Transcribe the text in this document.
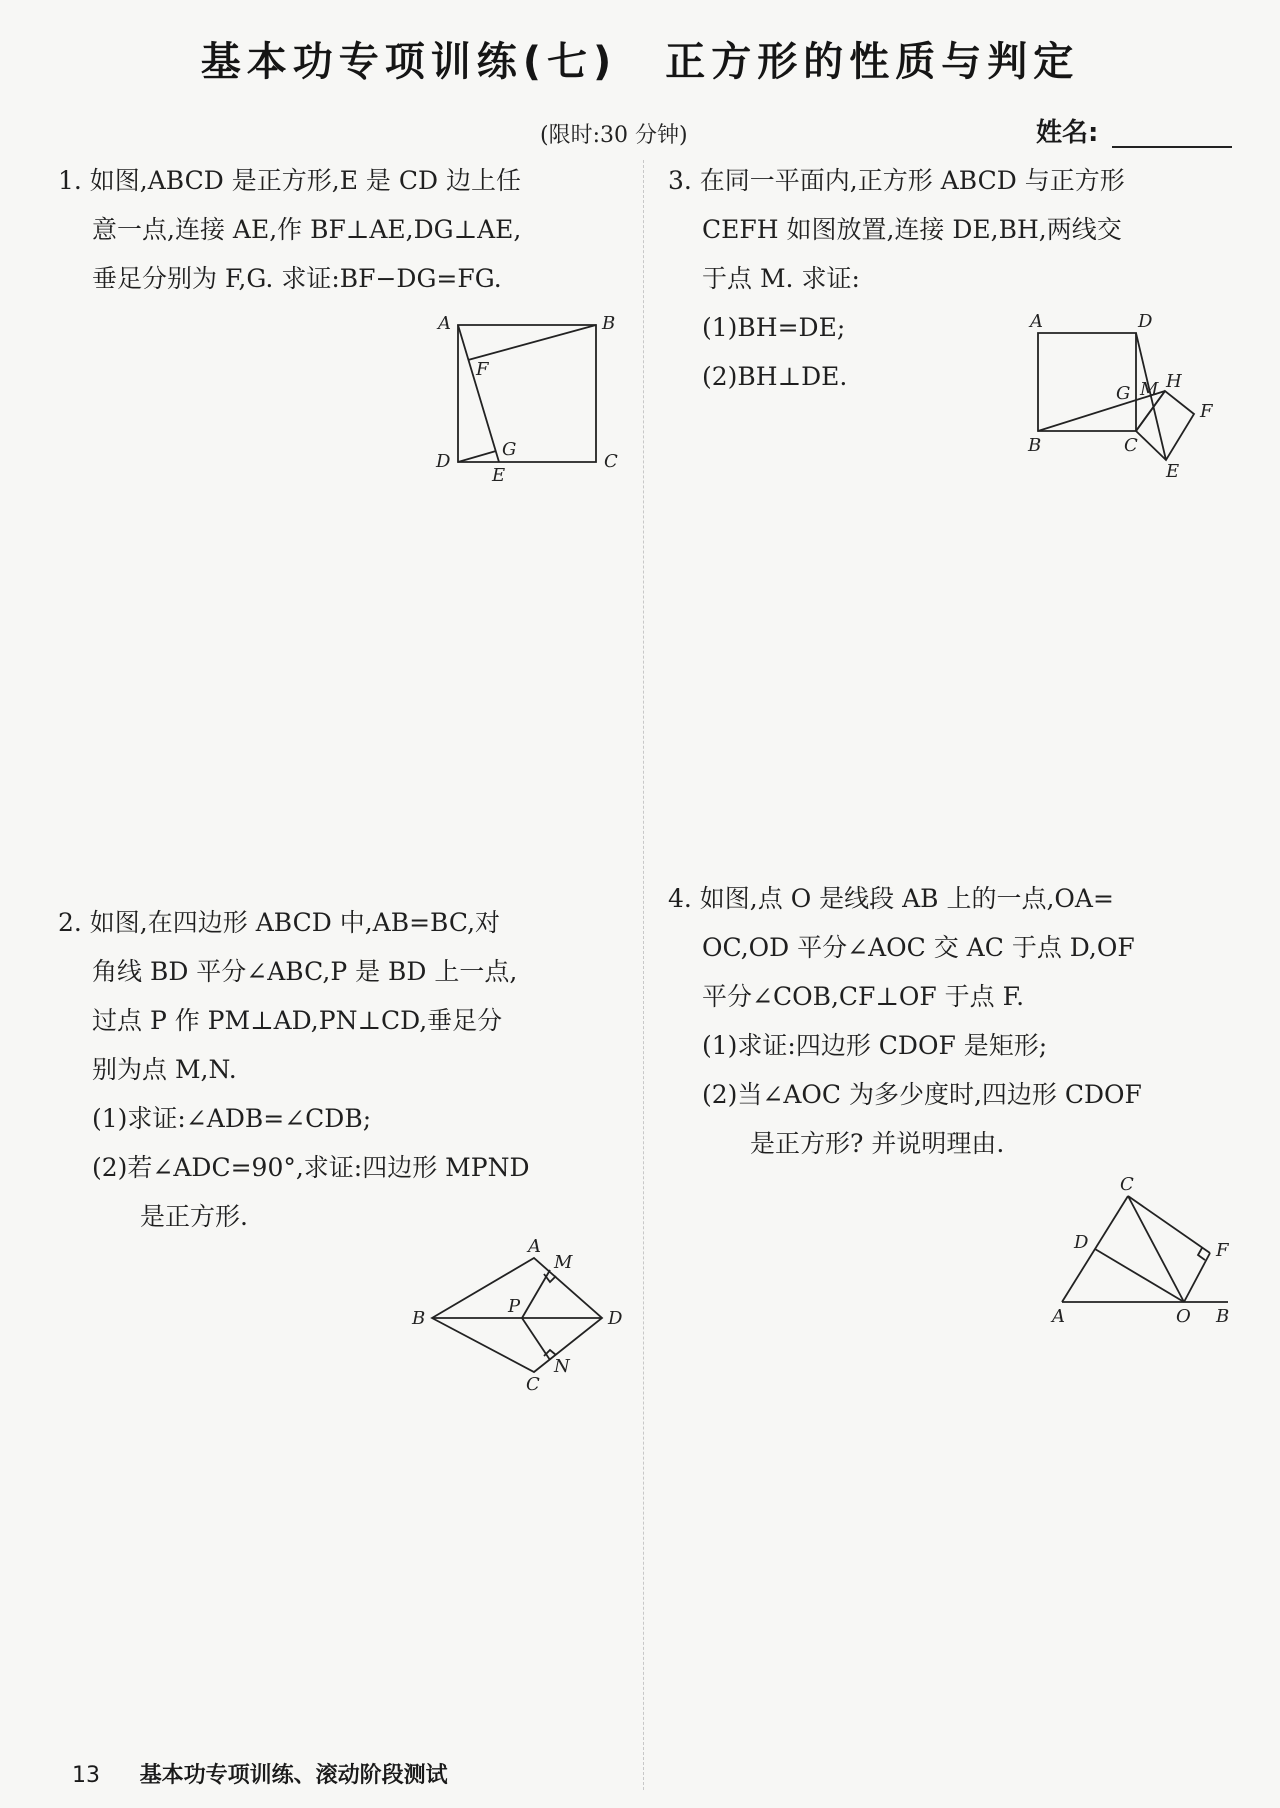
基本功专项训练(七) 正方形的性质与判定
(限时:30 分钟)	姓名:
1. 如图,ABCD 是正方形,E 是 CD 边上任
意一点,连接 AE,作 BF⊥AE,DG⊥AE,
垂足分别为 F,G. 求证:BF−DG=FG.
A	B
C
D
E
F
G
3. 在同一平面内,正方形 ABCD 与正方形
CEFH 如图放置,连接 DE,BH,两线交
于点 M. 求证:
(1)BH=DE;
(2)BH⊥DE.
A	D
B	C
G M H
F
E
2. 如图,在四边形 ABCD 中,AB=BC,对
角线 BD 平分∠ABC,P 是 BD 上一点,
过点 P 作 PM⊥AD,PN⊥CD,垂足分
别为点 M,N.
(1)求证:∠ADB=∠CDB;
(2)若∠ADC=90°,求证:四边形 MPND
是正方形.
A
M
B
P
D
N
C
4. 如图,点 O 是线段 AB 上的一点,OA=
OC,OD 平分∠AOC 交 AC 于点 D,OF
平分∠COB,CF⊥OF 于点 F.
(1)求证:四边形 CDOF 是矩形;
(2)当∠AOC 为多少度时,四边形 CDOF
是正方形? 并说明理由.
C
D	F
A	O B
13 基本功专项训练、滚动阶段测试
